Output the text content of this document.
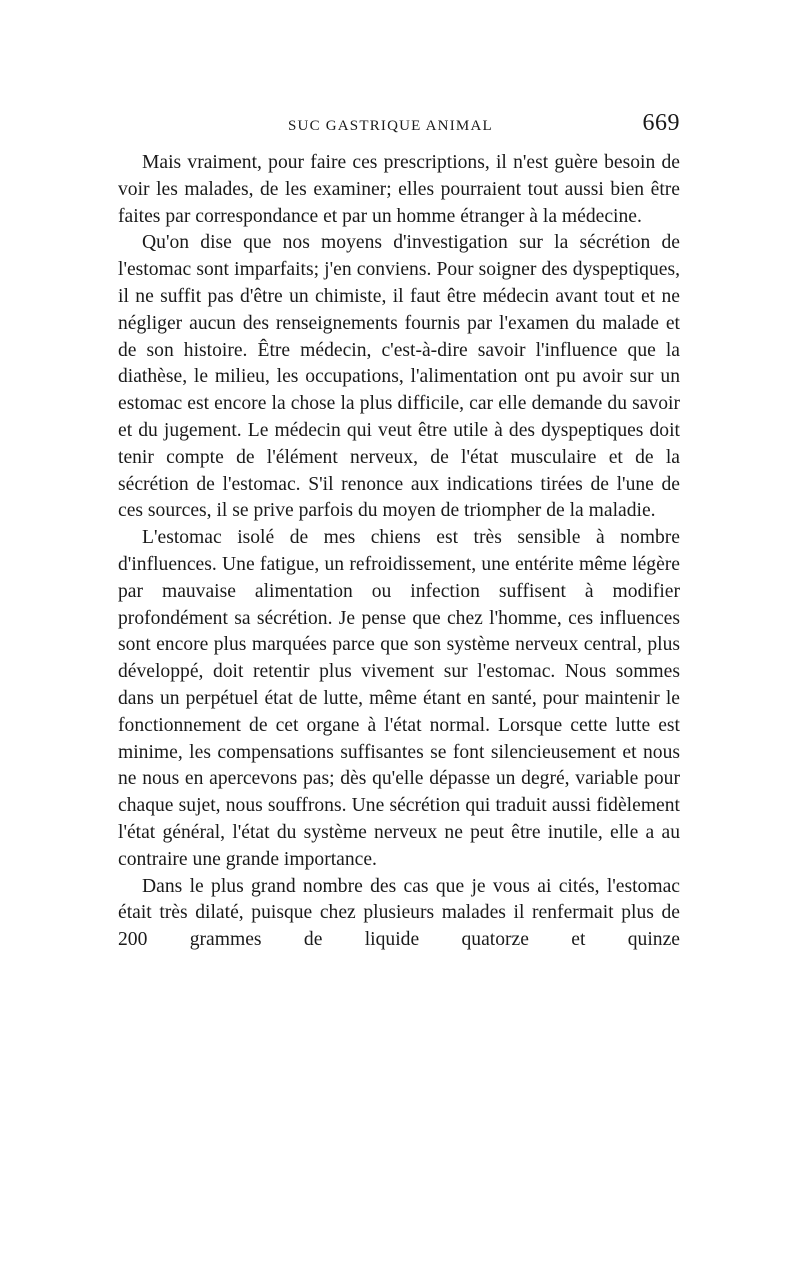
SUC GASTRIQUE ANIMAL	669

Mais vraiment, pour faire ces prescriptions, il n'est guère besoin de voir les malades, de les examiner; elles pourraient tout aussi bien être faites par correspondance et par un homme étranger à la médecine.

Qu'on dise que nos moyens d'investigation sur la sécrétion de l'estomac sont imparfaits; j'en conviens. Pour soigner des dyspeptiques, il ne suffit pas d'être un chimiste, il faut être médecin avant tout et ne négliger aucun des renseignements fournis par l'examen du malade et de son histoire. Être médecin, c'est-à-dire savoir l'influence que la diathèse, le milieu, les occupations, l'alimentation ont pu avoir sur un estomac est encore la chose la plus difficile, car elle demande du savoir et du jugement. Le médecin qui veut être utile à des dyspeptiques doit tenir compte de l'élément nerveux, de l'état musculaire et de la sécrétion de l'estomac. S'il renonce aux indications tirées de l'une de ces sources, il se prive parfois du moyen de triompher de la maladie.

L'estomac isolé de mes chiens est très sensible à nombre d'influences. Une fatigue, un refroidissement, une entérite même légère par mauvaise alimentation ou infection suffisent à modifier profondément sa sécrétion. Je pense que chez l'homme, ces influences sont encore plus marquées parce que son système nerveux central, plus développé, doit retentir plus vivement sur l'estomac. Nous sommes dans un perpétuel état de lutte, même étant en santé, pour maintenir le fonctionnement de cet organe à l'état normal. Lorsque cette lutte est minime, les compensations suffisantes se font silencieusement et nous ne nous en apercevons pas; dès qu'elle dépasse un degré, variable pour chaque sujet, nous souffrons. Une sécrétion qui traduit aussi fidèlement l'état général, l'état du système nerveux ne peut être inutile, elle a au contraire une grande importance.

Dans le plus grand nombre des cas que je vous ai cités, l'estomac était très dilaté, puisque chez plusieurs malades il renfermait plus de 200 grammes de liquide quatorze et quinze
